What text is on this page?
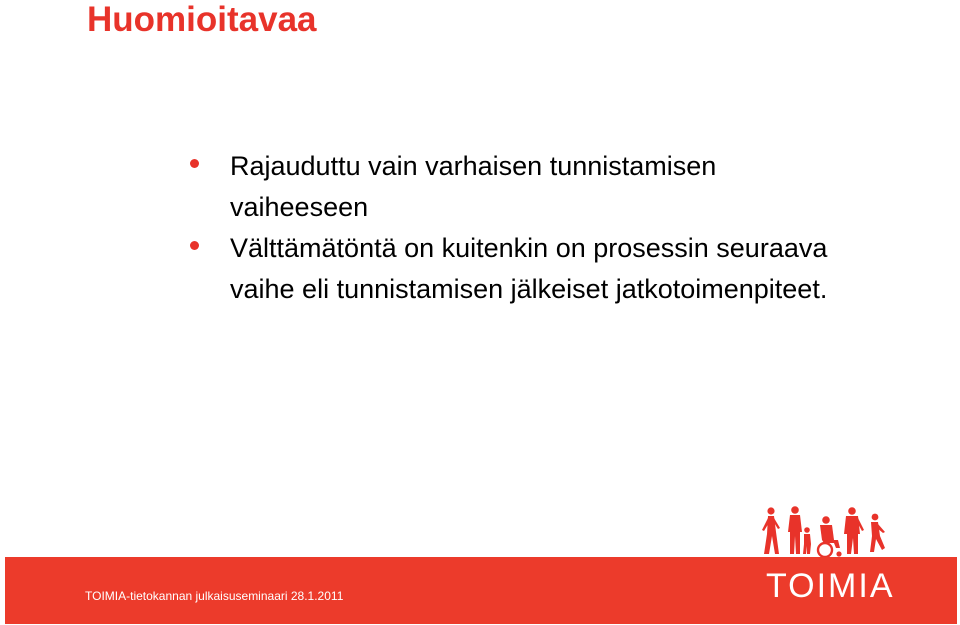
Huomioitavaa
Rajauduttu vain varhaisen tunnistamisen vaiheeseen
Välttämätöntä on kuitenkin on prosessin seuraava vaihe eli tunnistamisen jälkeiset jatkotoimenpiteet.
TOIMIA-tietokannan julkaisuseminaari 28.1.2011	TOIMIA
